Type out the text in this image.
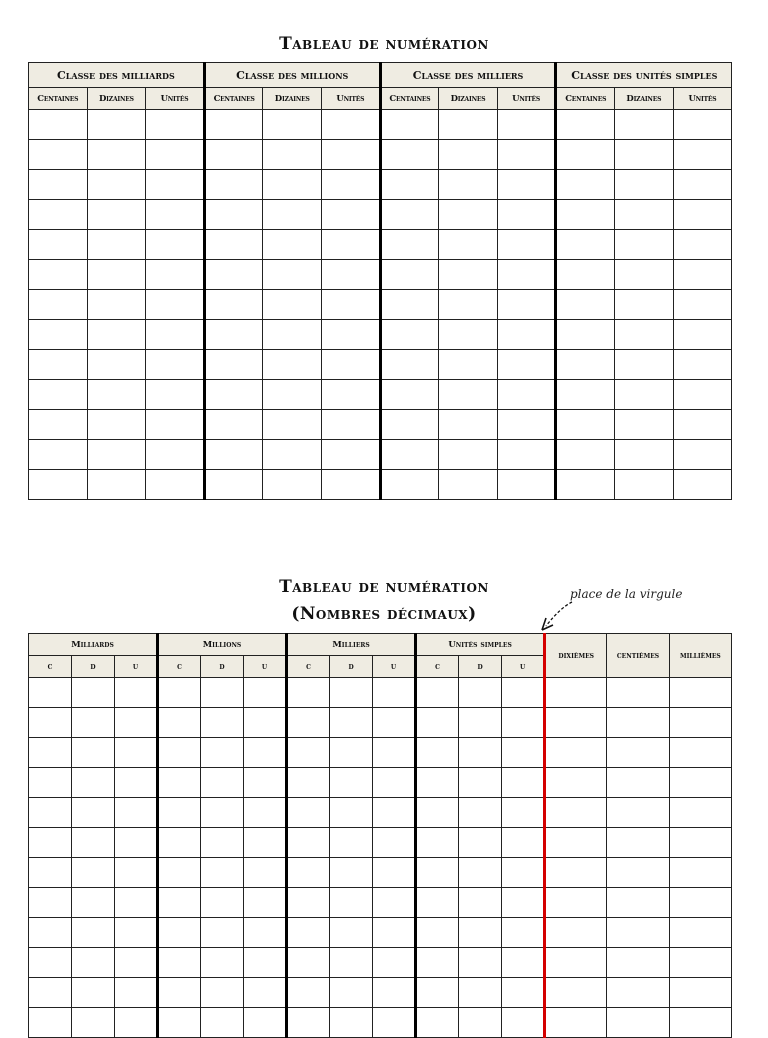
Tableau de numération
Classe des milliards			Classe des millions			Classe des milliers			Classe des unités simples		
Centaines	Dizaines	Unités	Centaines	Dizaines	Unités	Centaines	Dizaines	Unités	Centaines	Dizaines	Unités

Tableau de numération
(Nombres décimaux)
place de la virgule
Milliards			Millions			Milliers			Unités simples			dixièmes	centièmes	millièmes
c	d	u	c	d	u	c	d	u	c	d	u			
